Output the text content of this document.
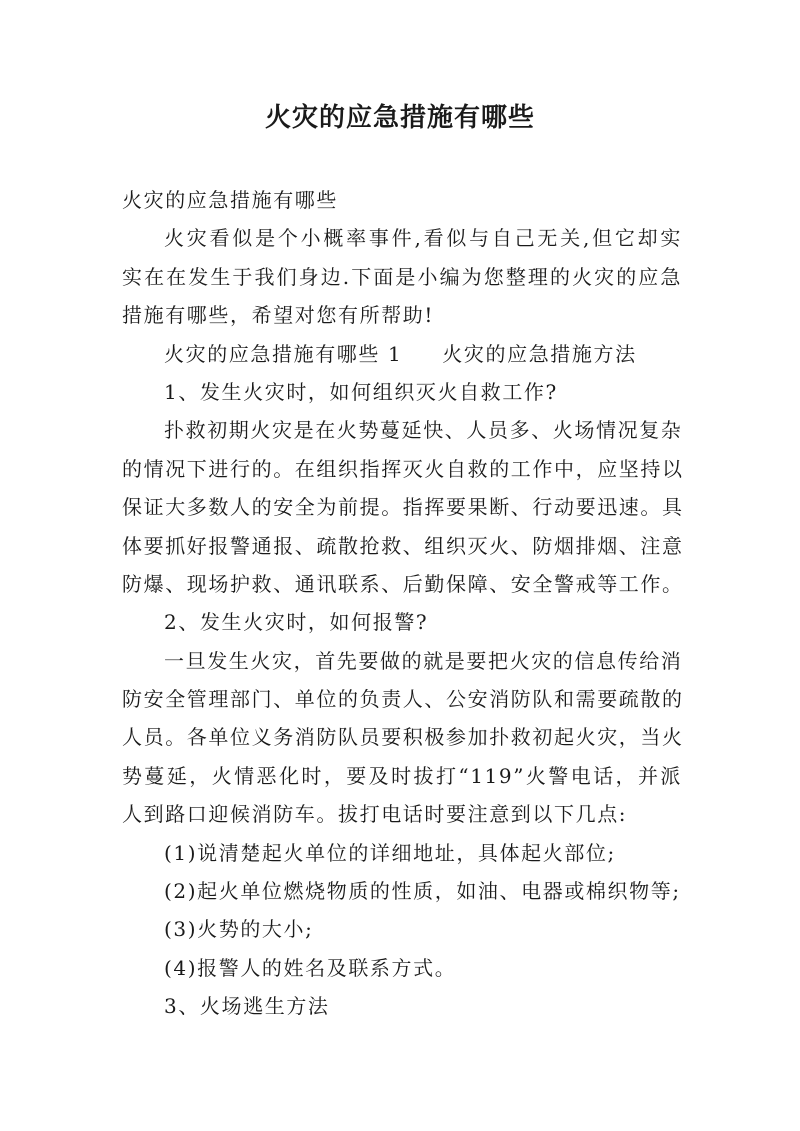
火灾的应急措施有哪些

火灾的应急措施有哪些

火灾看似是个小概率事件,看似与自己无关,但它却实

实在在发生于我们身边.下面是小编为您整理的火灾的应急

措施有哪些，希望对您有所帮助!

火灾的应急措施有哪些 1 火灾的应急措施方法

1、发生火灾时，如何组织灭火自救工作?

扑救初期火灾是在火势蔓延快、人员多、火场情况复杂

的情况下进行的。在组织指挥灭火自救的工作中，应坚持以

保证大多数人的安全为前提。指挥要果断、行动要迅速。具

体要抓好报警通报、疏散抢救、组织灭火、防烟排烟、注意

防爆、现场护救、通讯联系、后勤保障、安全警戒等工作。

2、发生火灾时，如何报警?

一旦发生火灾，首先要做的就是要把火灾的信息传给消

防安全管理部门、单位的负责人、公安消防队和需要疏散的

人员。各单位义务消防队员要积极参加扑救初起火灾，当火

势蔓延，火情恶化时，要及时拔打“119”火警电话，并派

人到路口迎候消防车。拔打电话时要注意到以下几点:

(1)说清楚起火单位的详细地址，具体起火部位;

(2)起火单位燃烧物质的性质，如油、电器或棉织物等;

(3)火势的大小;

(4)报警人的姓名及联系方式。

3、火场逃生方法
